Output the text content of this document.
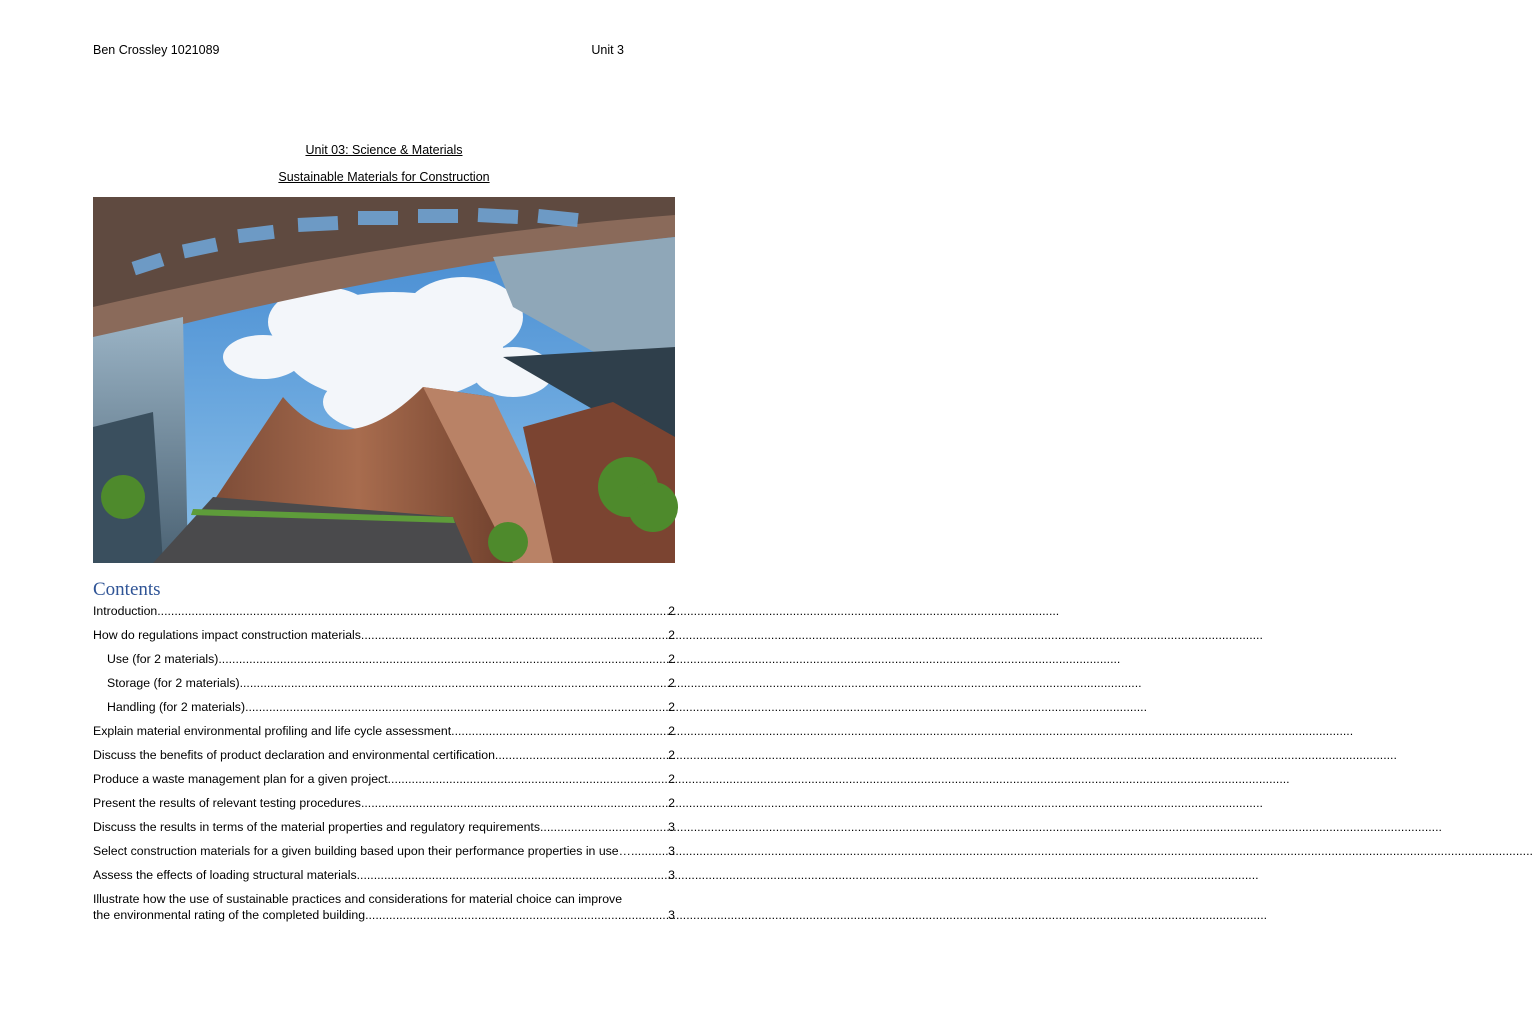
Ben Crossley 1021089	Unit 3
Unit 03: Science & Materials
Sustainable Materials for Construction
Contents
Introduction .....	2
How do regulations impact construction materials .....	2
Use (for 2 materials) .....	2
Storage (for 2 materials) .....	2
Handling (for 2 materials) .....	2
Explain material environmental profiling and life cycle assessment .....	2
Discuss the benefits of product declaration and environmental certification .....	2
Produce a waste management plan for a given project .....	2
Present the results of relevant testing procedures .....	2
Discuss the results in terms of the material properties and regulatory requirements .....	3
Select construction materials for a given building based upon their performance properties in use… .....	3
Assess the effects of loading structural materials .....	3
Illustrate how the use of sustainable practices and considerations for material choice can improve
the environmental rating of the completed building .....	3
